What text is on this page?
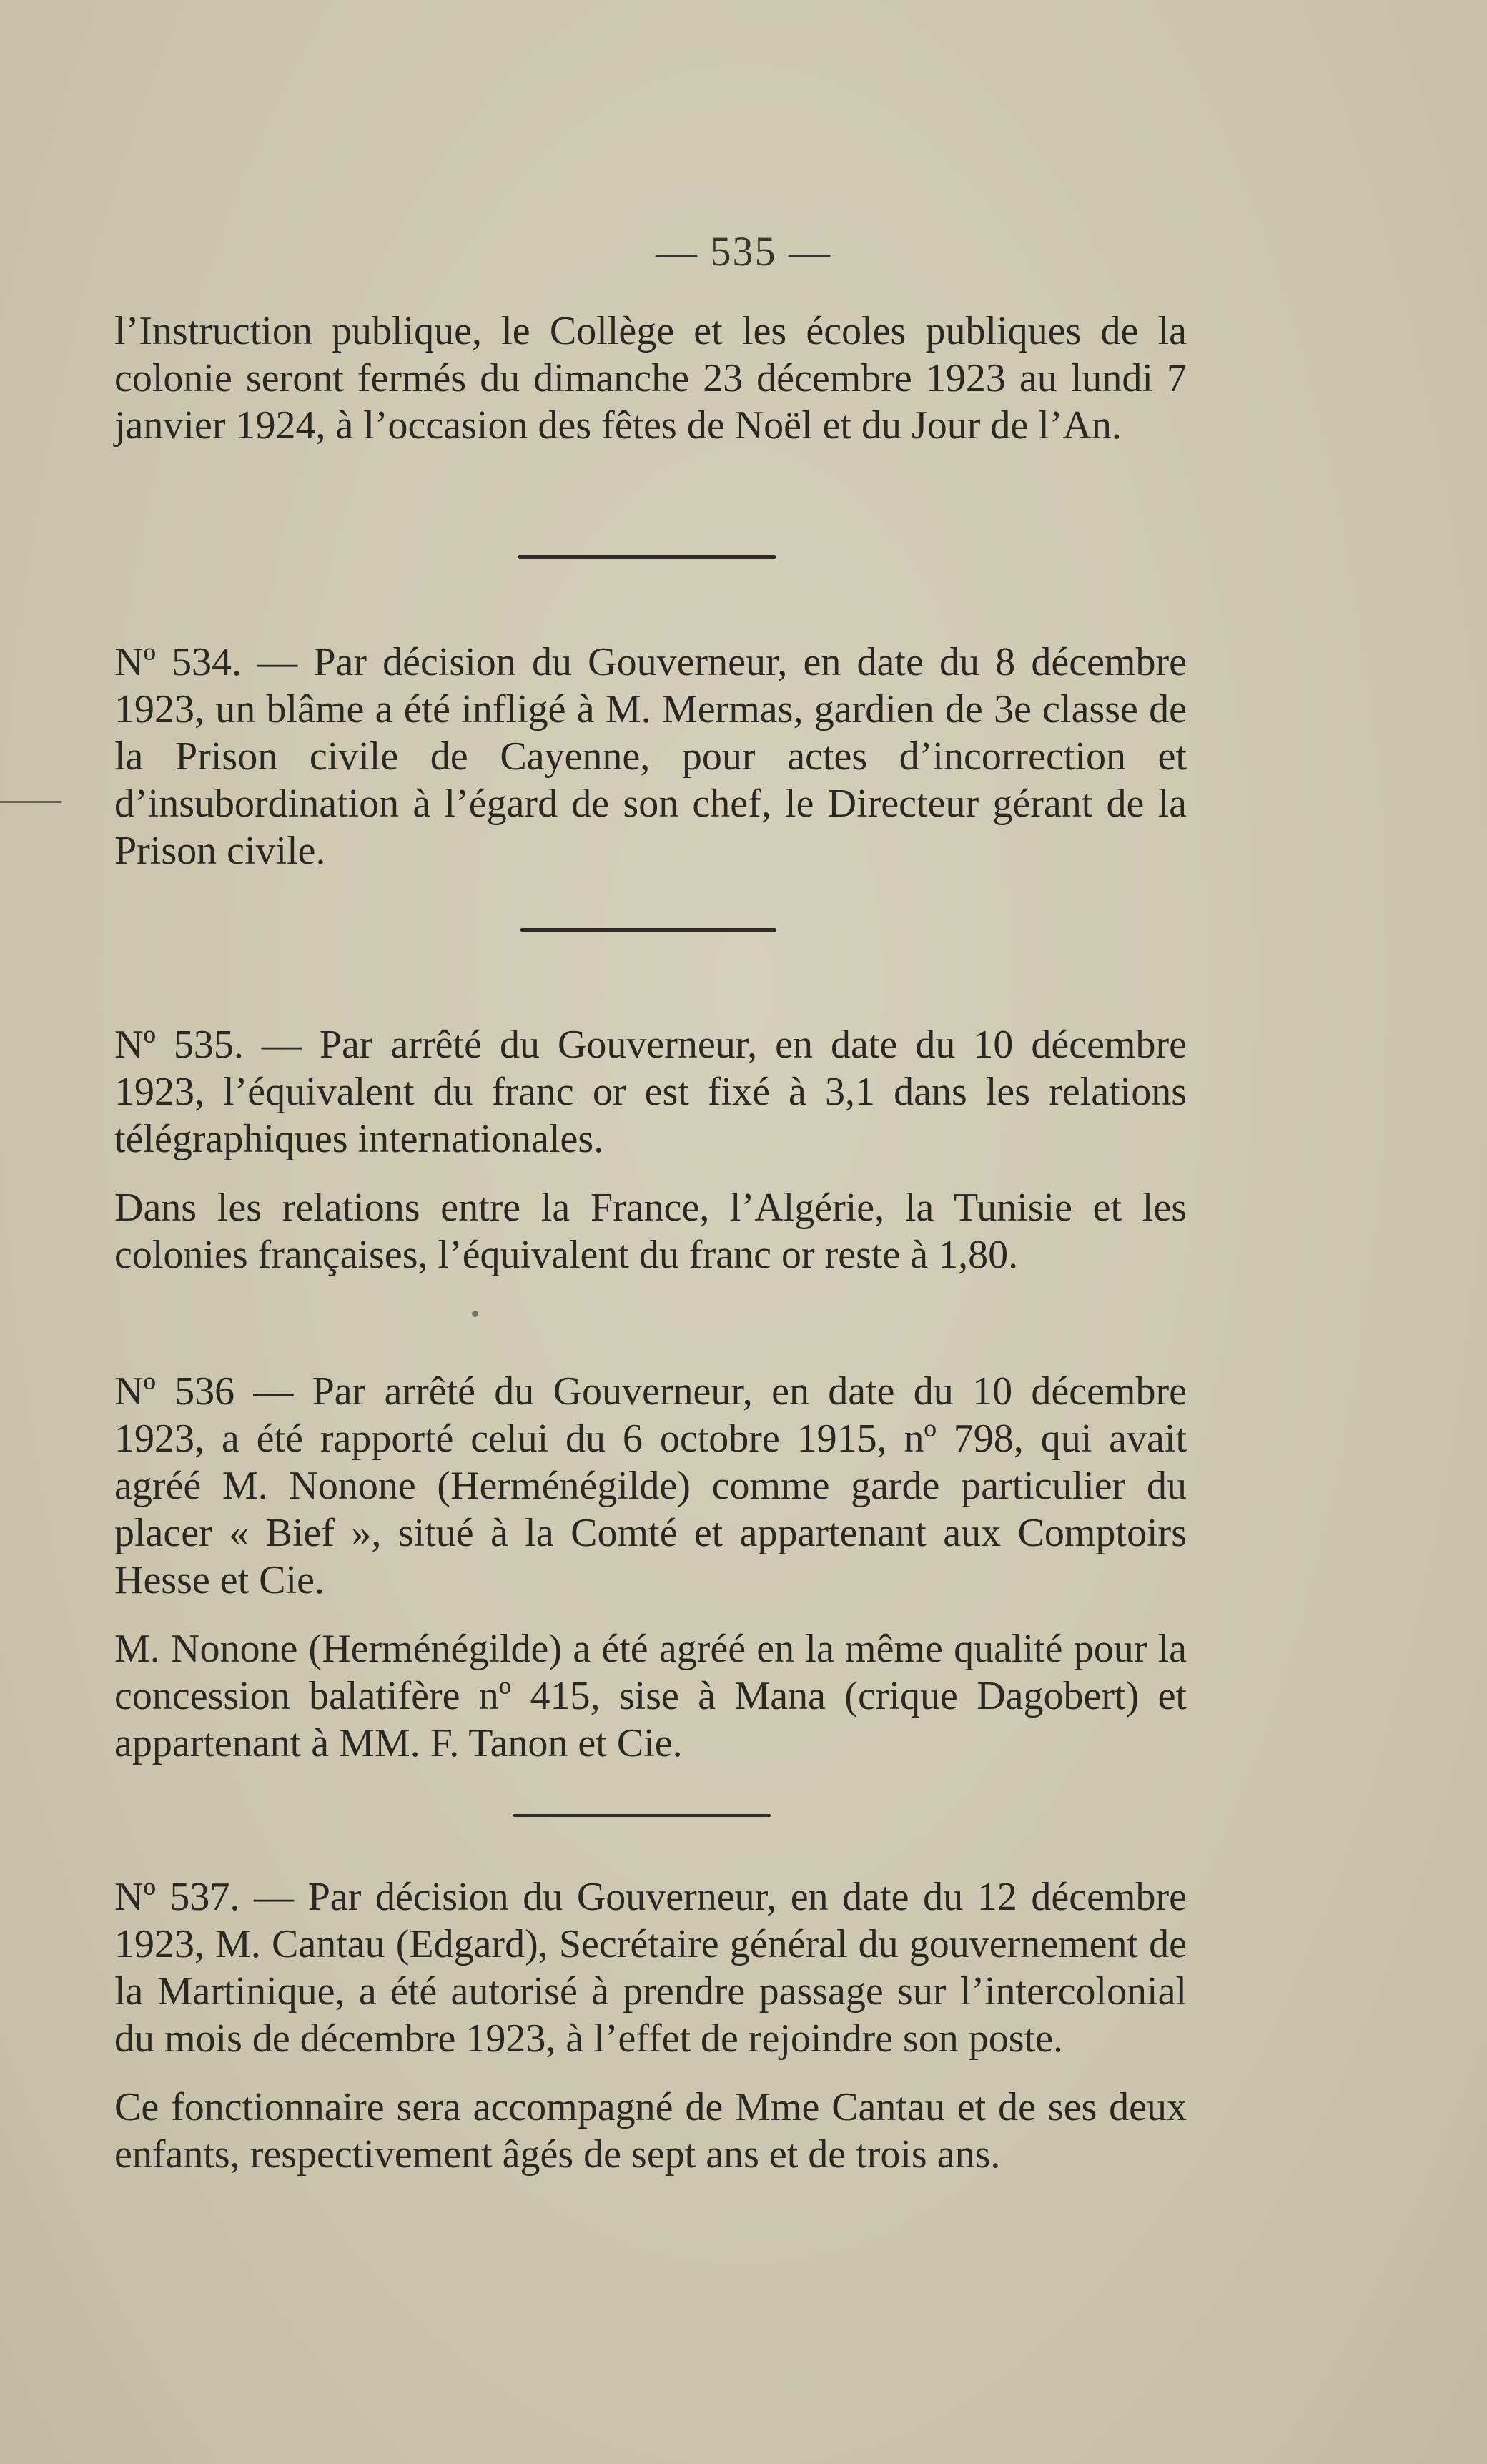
— 535 —

l’Instruction publique, le Collège et les écoles publiques de la colonie seront fermés du dimanche 23 décembre 1923 au lundi 7 janvier 1924, à l’occasion des fêtes de Noël et du Jour de l’An.

Nº 534. — Par décision du Gouverneur, en date du 8 décembre 1923, un blâme a été infligé à M. Mermas, gardien de 3e classe de la Prison civile de Cayenne, pour actes d’incorrection et d’insubordination à l’égard de son chef, le Directeur gérant de la Prison civile.

Nº 535. — Par arrêté du Gouverneur, en date du 10 décembre 1923, l’équivalent du franc or est fixé à 3,1 dans les relations télégraphiques internationales.

Dans les relations entre la France, l’Algérie, la Tunisie et les colonies françaises, l’équivalent du franc or reste à 1,80.

Nº 536 — Par arrêté du Gouverneur, en date du 10 décembre 1923, a été rapporté celui du 6 octobre 1915, nº 798, qui avait agréé M. Nonone (Herménégilde) comme garde particulier du placer « Bief », situé à la Comté et appartenant aux Comptoirs Hesse et Cie.

M. Nonone (Herménégilde) a été agréé en la même qualité pour la concession balatifère nº 415, sise à Mana (crique Dagobert) et appartenant à MM. F. Tanon et Cie.

Nº 537. — Par décision du Gouverneur, en date du 12 décembre 1923, M. Cantau (Edgard), Secrétaire général du gouvernement de la Martinique, a été autorisé à prendre passage sur l’intercolonial du mois de décembre 1923, à l’effet de rejoindre son poste.

Ce fonctionnaire sera accompagné de Mme Cantau et de ses deux enfants, respectivement âgés de sept ans et de trois ans.
